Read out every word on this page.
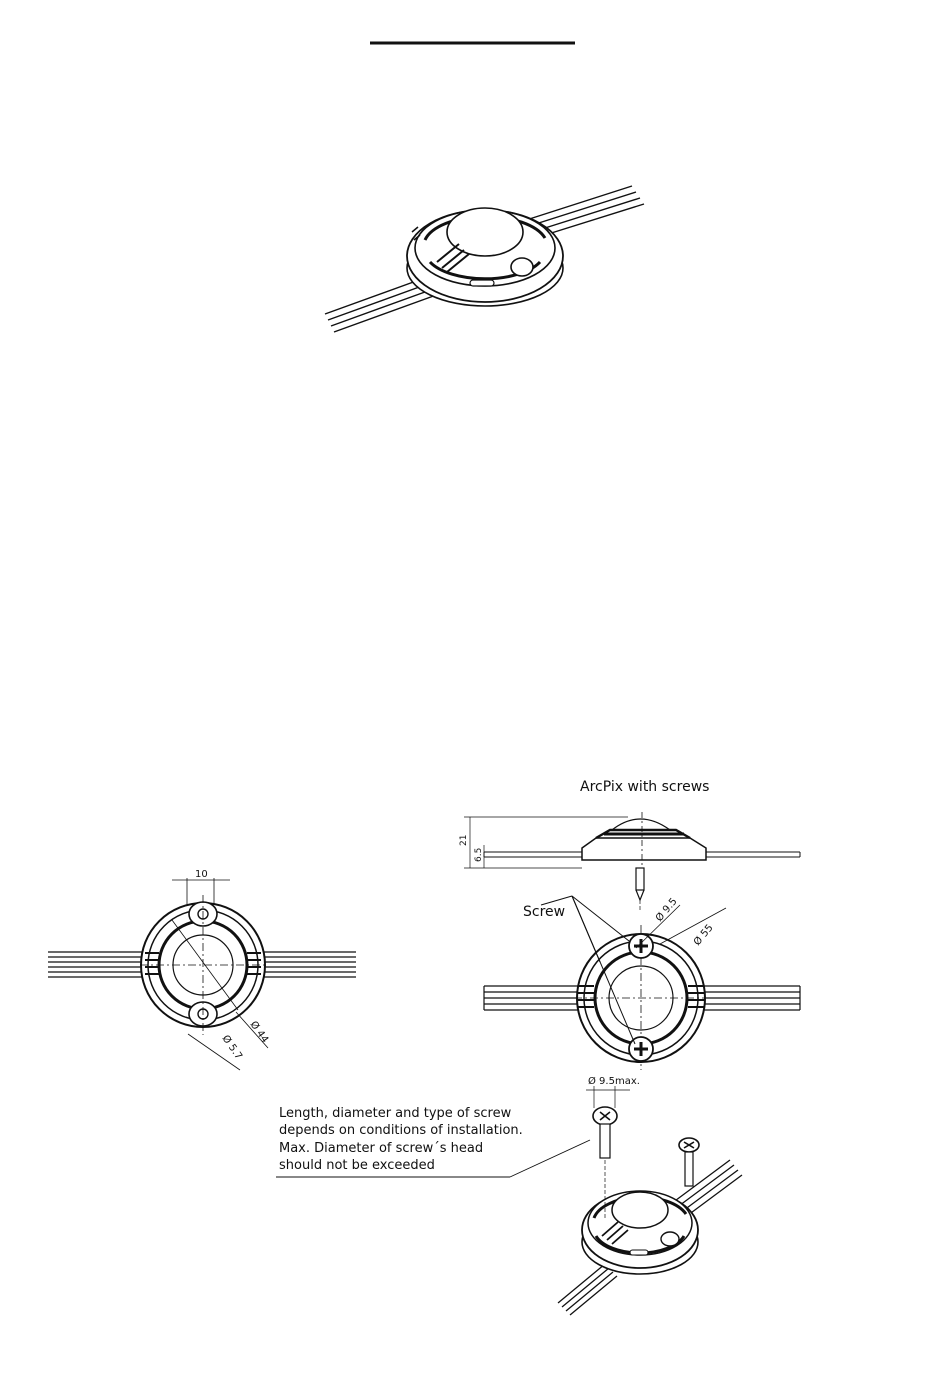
10
Ø 44
Ø 5.7
ArcPix with screws
21
6.5
Screw	Ø 9.5
Ø 55
Ø 9.5max.
Length, diameter and type of screw
depends on conditions of installation.
Max. Diameter of screw´s head
should not be exceeded
